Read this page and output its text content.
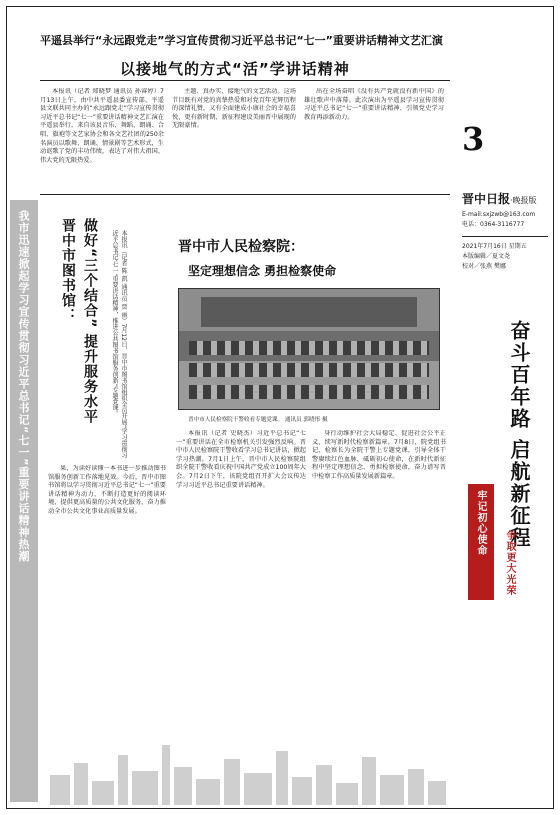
平遥县举行“永远跟党走”学习宣传贯彻习近平总书记“七一”重要讲话精神文艺汇演
以接地气的方式“活”学讲话精神

本报讯（记者 郑晓梦 通讯员 孙睿婷）7月13日上午，由中共平遥县委宣传部、平遥县文联共同主办的“永远跟党走”学习宣传贯彻习近平总书记“七一”重要讲话精神文艺汇演在平遥县举行。来自该县音乐、舞蹈、朗诵、合唱、旗袍等文艺家协会和各文艺社团的250余名演员以歌舞、朗诵、情景剧等艺术形式，生动讴歌了党的丰功伟绩，表达了对伟大祖国、伟大党的无限热爱。

主题、真办实、接地气的文艺活动。这场节目既有对党的真挚热爱和对党百年光辉历程的深情礼赞，又有全面建成小康社会的幸福喜悦，更有新时期、新征程建设美丽晋中展现的无限豪情。

出在全场奋唱《没有共产党就没有新中国》的雄壮歌声中落幕。此次演出为平遥县学习宣传贯彻习近平总书记“七一”重要讲话精神、引领党史学习教育再添新动力。

3
晋中日报·晚报版
E-mail:sxjzwb@163.com
电话：0364-3116777
2021年7月16日 星期五
本版编辑／夏文尧
校对／张燕 樊娜
奋斗百年路 启航新征程
牢记初心使命
争取更大光荣
我市迅速掀起学习宣传贯彻习近平总书记“七一”重要讲话精神热潮 晋中市图书馆： 做好“三个结合” 提升服务水平	本报讯（记者 陈 凯 通讯员 贾 丽）7月12日，晋中市图书馆组织全员开展“学习贯彻习近平总书记‘七一’重要讲话精神，推进公共图书馆服务创新”专题党课。

果，为读好读懂一本书进一步推动图书馆服务创新工作落地见效。今后，晋中市图书馆将以学习贯彻习近平总书记“七一”重要讲话精神为动力，不断打造更好的阅读环境，提供更高质量的公共文化服务，奋力推动全市公共文化事业高质量发展。

晋中市人民检察院：
坚定理想信念 勇担检察使命
晋中市人民检察院干警收看专题党课。 通讯员 郭晓彤 摄

本报讯（记者 史晓杰）习近平总书记“七一”重要讲话在全市检察机关引发强烈反响。晋中市人民检察院干警收看学习总书记讲话，掀起学习热潮。7月1日上午，晋中市人民检察院组织全院干警收看庆祝中国共产党成立100周年大会。7月2日下午，该院党组召开扩大会议传达学习习近平总书记重要讲话精神。

身行动维护社会大局稳定、促进社会公平正义，续写新时代检察新篇章。7月8日，院党组书记、检察长为全院干警上专题党课，引导全体干警赓续红色血脉、砥砺初心使命，在新时代新征程中坚定理想信念、勇担检察使命，奋力谱写晋中检察工作高质量发展新篇章。
